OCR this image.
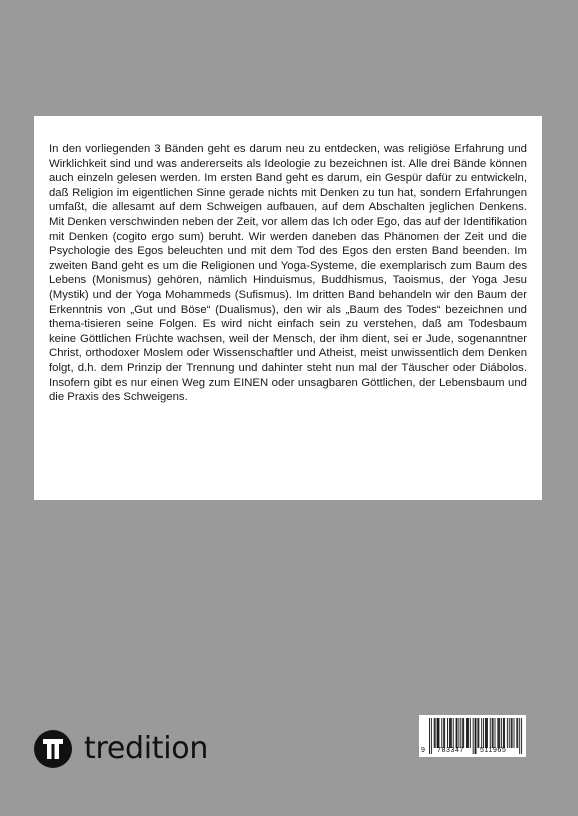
In den vorliegenden 3 Bänden geht es darum neu zu entdecken, was religiöse Erfahrung und Wirklichkeit sind und was andererseits als Ideologie zu bezeichnen ist. Alle drei Bände können auch einzeln gelesen werden. Im ersten Band geht es darum, ein Gespür dafür zu entwickeln, daß Religion im eigentlichen Sinne gerade nichts mit Denken zu tun hat, sondern Erfahrungen umfaßt, die allesamt auf dem Schweigen aufbauen, auf dem Abschalten jeglichen Denkens. Mit Denken verschwinden neben der Zeit, vor allem das Ich oder Ego, das auf der Identifikation mit Denken (cogito ergo sum) beruht. Wir werden daneben das Phänomen der Zeit und die Psychologie des Egos beleuchten und mit dem Tod des Egos den ersten Band beenden. Im zweiten Band geht es um die Religionen und Yoga-Systeme, die exemplarisch zum Baum des Lebens (Monismus) gehören, nämlich Hinduismus, Buddhismus, Taoismus, der Yoga Jesu (Mystik) und der Yoga Mohammeds (Sufismus). Im dritten Band behandeln wir den Baum der Erkenntnis von „Gut und Böse“ (Dualismus), den wir als „Baum des Todes“ bezeichnen und thema-tisieren seine Folgen. Es wird nicht einfach sein zu verstehen, daß am Todesbaum keine Göttlichen Früchte wachsen, weil der Mensch, der ihm dient, sei er Jude, sogenanntner Christ, orthodoxer Moslem oder Wissenschaftler und Atheist, meist unwissentlich dem Denken folgt, d.h. dem Prinzip der Trennung und dahinter steht nun mal der Täuscher oder Diábolos. Insofern gibt es nur einen Weg zum EINEN oder unsagbaren Göttlichen, der Lebensbaum und die Praxis des Schweigens.

tredition	9 783347 511965
